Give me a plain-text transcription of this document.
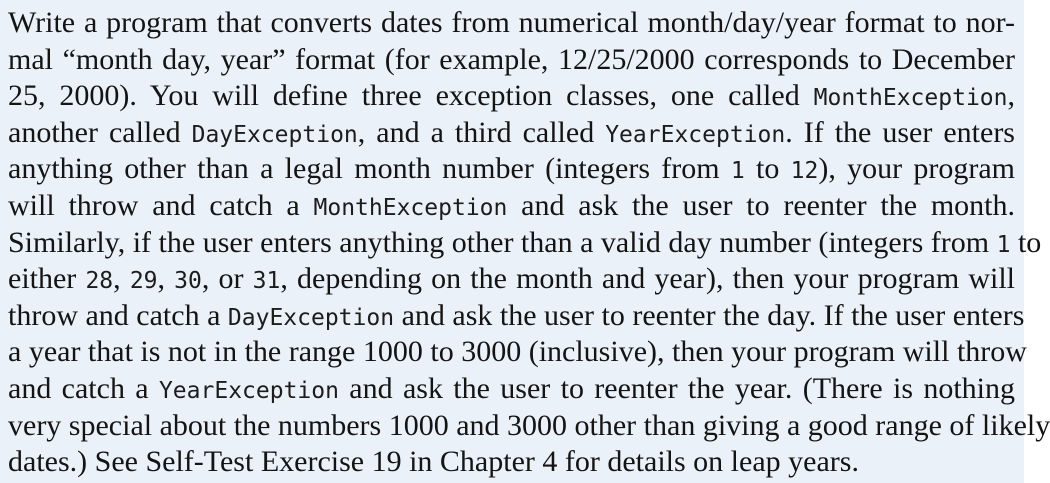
Write a program that converts dates from numerical month/day/year format to nor-
mal “month day, year” format (for example, 12/25/2000 corresponds to December
25, 2000). You will define three exception classes, one called MonthException,
another called DayException, and a third called YearException. If the user enters
anything other than a legal month number (integers from 1 to 12), your program
will throw and catch a MonthException and ask the user to reenter the month.
Similarly, if the user enters anything other than a valid day number (integers from 1 to
either 28, 29, 30, or 31, depending on the month and year), then your program will
throw and catch a DayException and ask the user to reenter the day. If the user enters
a year that is not in the range 1000 to 3000 (inclusive), then your program will throw
and catch a YearException and ask the user to reenter the year. (There is nothing
very special about the numbers 1000 and 3000 other than giving a good range of likely
dates.) See Self-Test Exercise 19 in Chapter 4 for details on leap years.
